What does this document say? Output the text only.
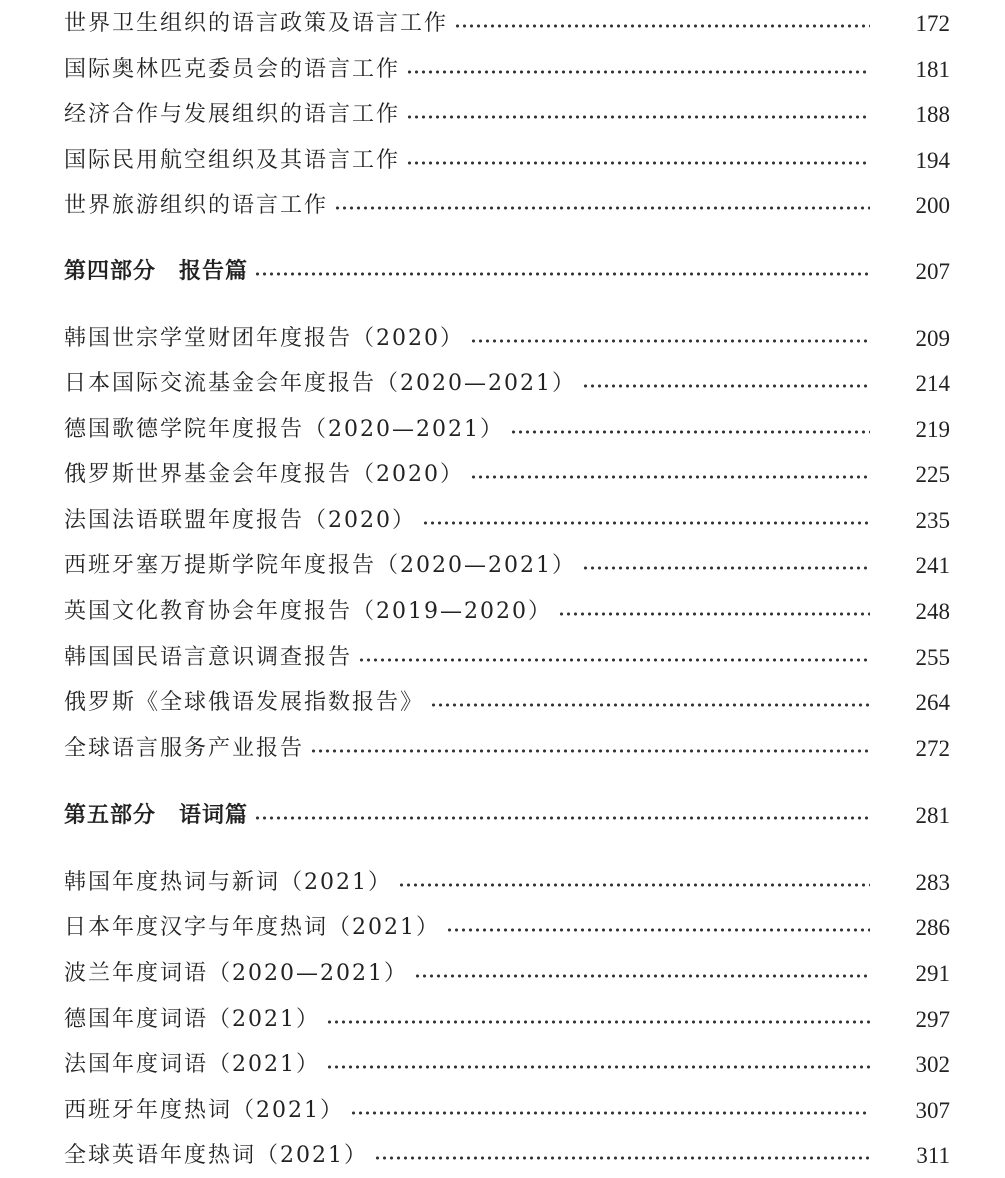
世界卫生组织的语言政策及语言工作	172
国际奥林匹克委员会的语言工作	181
经济合作与发展组织的语言工作	188
国际民用航空组织及其语言工作	194
世界旅游组织的语言工作	200
第四部分　报告篇	207
韩国世宗学堂财团年度报告（2020）	209
日本国际交流基金会年度报告（2020—2021）	214
德国歌德学院年度报告（2020—2021）	219
俄罗斯世界基金会年度报告（2020）	225
法国法语联盟年度报告（2020）	235
西班牙塞万提斯学院年度报告（2020—2021）	241
英国文化教育协会年度报告（2019—2020）	248
韩国国民语言意识调查报告	255
俄罗斯《全球俄语发展指数报告》	264
全球语言服务产业报告	272
第五部分　语词篇	281
韩国年度热词与新词（2021）	283
日本年度汉字与年度热词（2021）	286
波兰年度词语（2020—2021）	291
德国年度词语（2021）	297
法国年度词语（2021）	302
西班牙年度热词（2021）	307
全球英语年度热词（2021）	311
